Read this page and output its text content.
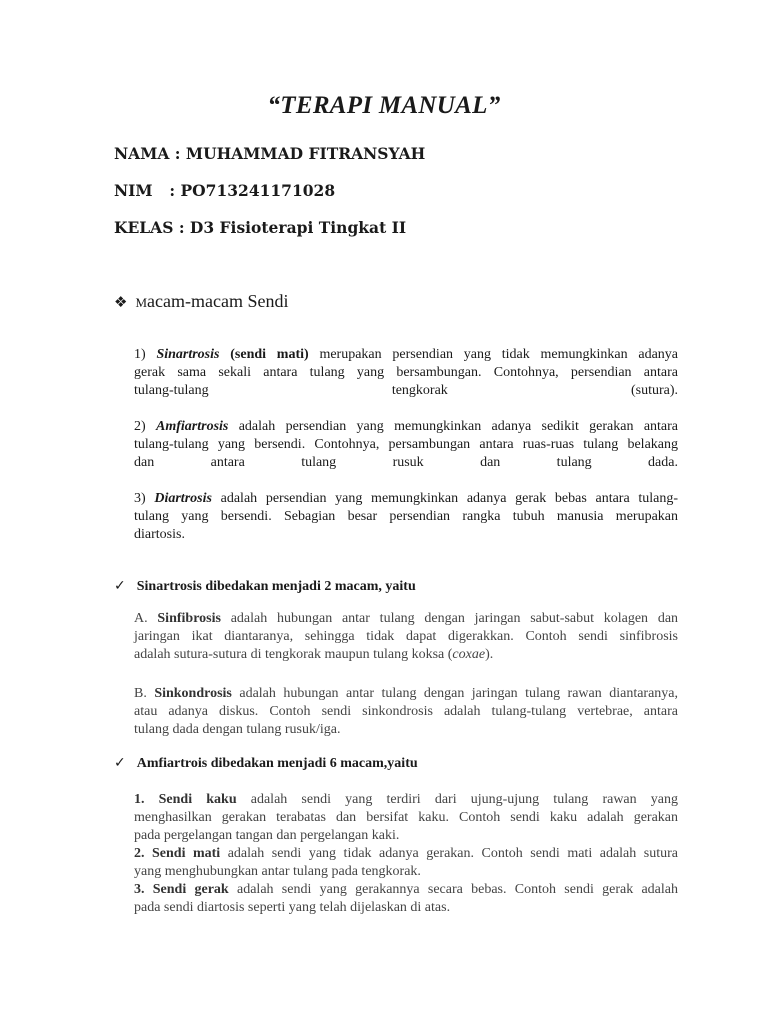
“TERAPI MANUAL”
NAMA : MUHAMMAD FITRANSYAH
NIM : PO713241171028
KELAS : D3 Fisioterapi Tingkat II
❖ Macam-macam Sendi
1) Sinartrosis (sendi mati) merupakan persendian yang tidak memungkinkan adanya
gerak sama sekali antara tulang yang bersambungan. Contohnya, persendian antara
tulang-tulang tengkorak (sutura).
2) Amfiartrosis adalah persendian yang memungkinkan adanya sedikit gerakan antara
tulang-tulang yang bersendi. Contohnya, persambungan antara ruas-ruas tulang belakang
dan antara tulang rusuk dan tulang dada.
3) Diartrosis adalah persendian yang memungkinkan adanya gerak bebas antara tulang-
tulang yang bersendi. Sebagian besar persendian rangka tubuh manusia merupakan
diartosis.
✓ Sinartrosis dibedakan menjadi 2 macam, yaitu
A. Sinfibrosis adalah hubungan antar tulang dengan jaringan sabut-sabut kolagen dan
jaringan ikat diantaranya, sehingga tidak dapat digerakkan. Contoh sendi sinfibrosis
adalah sutura-sutura di tengkorak maupun tulang koksa (coxae).
B. Sinkondrosis adalah hubungan antar tulang dengan jaringan tulang rawan diantaranya,
atau adanya diskus. Contoh sendi sinkondrosis adalah tulang-tulang vertebrae, antara
tulang dada dengan tulang rusuk/iga.
✓ Amfiartrois dibedakan menjadi 6 macam,yaitu
1. Sendi kaku adalah sendi yang terdiri dari ujung-ujung tulang rawan yang
menghasilkan gerakan terabatas dan bersifat kaku. Contoh sendi kaku adalah gerakan
pada pergelangan tangan dan pergelangan kaki.
2. Sendi mati adalah sendi yang tidak adanya gerakan. Contoh sendi mati adalah sutura
yang menghubungkan antar tulang pada tengkorak.
3. Sendi gerak adalah sendi yang gerakannya secara bebas. Contoh sendi gerak adalah
pada sendi diartosis seperti yang telah dijelaskan di atas.
